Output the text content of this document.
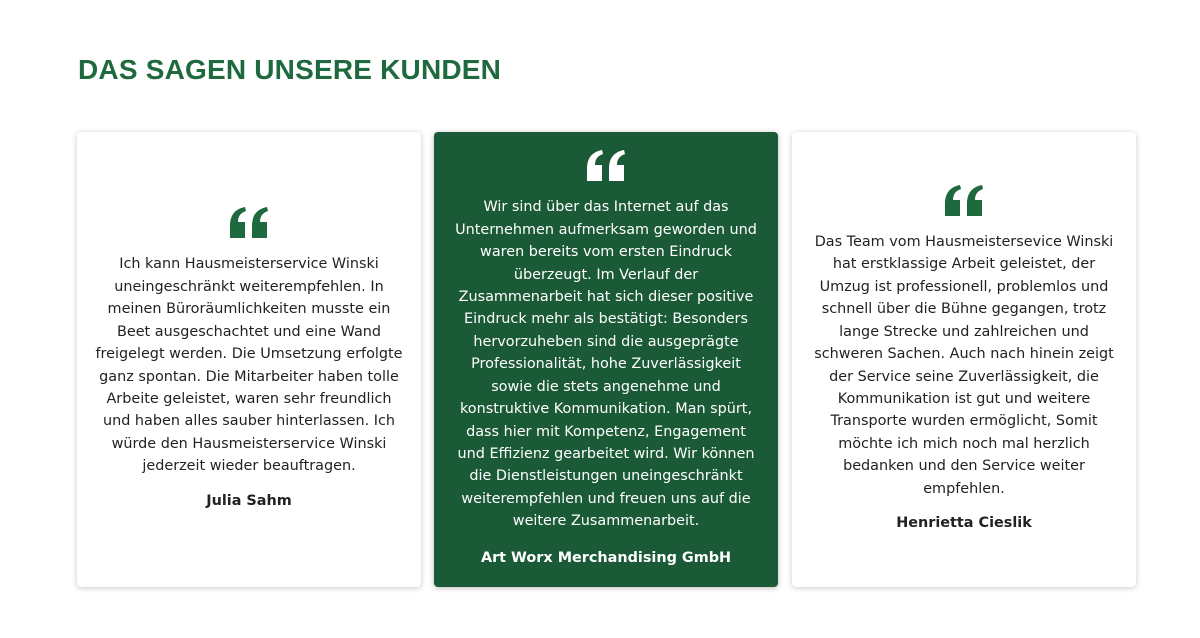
DAS SAGEN UNSERE KUNDEN

Ich kann Hausmeisterservice Winski uneingeschränkt weiterempfehlen. In meinen Büroräumlichkeiten musste ein Beet ausgeschachtet und eine Wand freigelegt werden. Die Umsetzung erfolgte ganz spontan. Die Mitarbeiter haben tolle Arbeite geleistet, waren sehr freundlich und haben alles sauber hinterlassen. Ich würde den Hausmeisterservice Winski jederzeit wieder beauftragen.

Julia Sahm

Wir sind über das Internet auf das Unternehmen aufmerksam geworden und waren bereits vom ersten Eindruck überzeugt. Im Verlauf der Zusammenarbeit hat sich dieser positive Eindruck mehr als bestätigt: Besonders hervorzuheben sind die ausgeprägte Professionalität, hohe Zuverlässigkeit sowie die stets angenehme und konstruktive Kommunikation. Man spürt, dass hier mit Kompetenz, Engagement und Effizienz gearbeitet wird. Wir können die Dienstleistungen uneingeschränkt weiterempfehlen und freuen uns auf die weitere Zusammenarbeit.

Art Worx Merchandising GmbH

Das Team vom Hausmeistersevice Winski hat erstklassige Arbeit geleistet, der Umzug ist professionell, problemlos und schnell über die Bühne gegangen, trotz lange Strecke und zahlreichen und schweren Sachen. Auch nach hinein zeigt der Service seine Zuverlässigkeit, die Kommunikation ist gut und weitere Transporte wurden ermöglicht, Somit möchte ich mich noch mal herzlich bedanken und den Service weiter empfehlen.

Henrietta Cieslik
